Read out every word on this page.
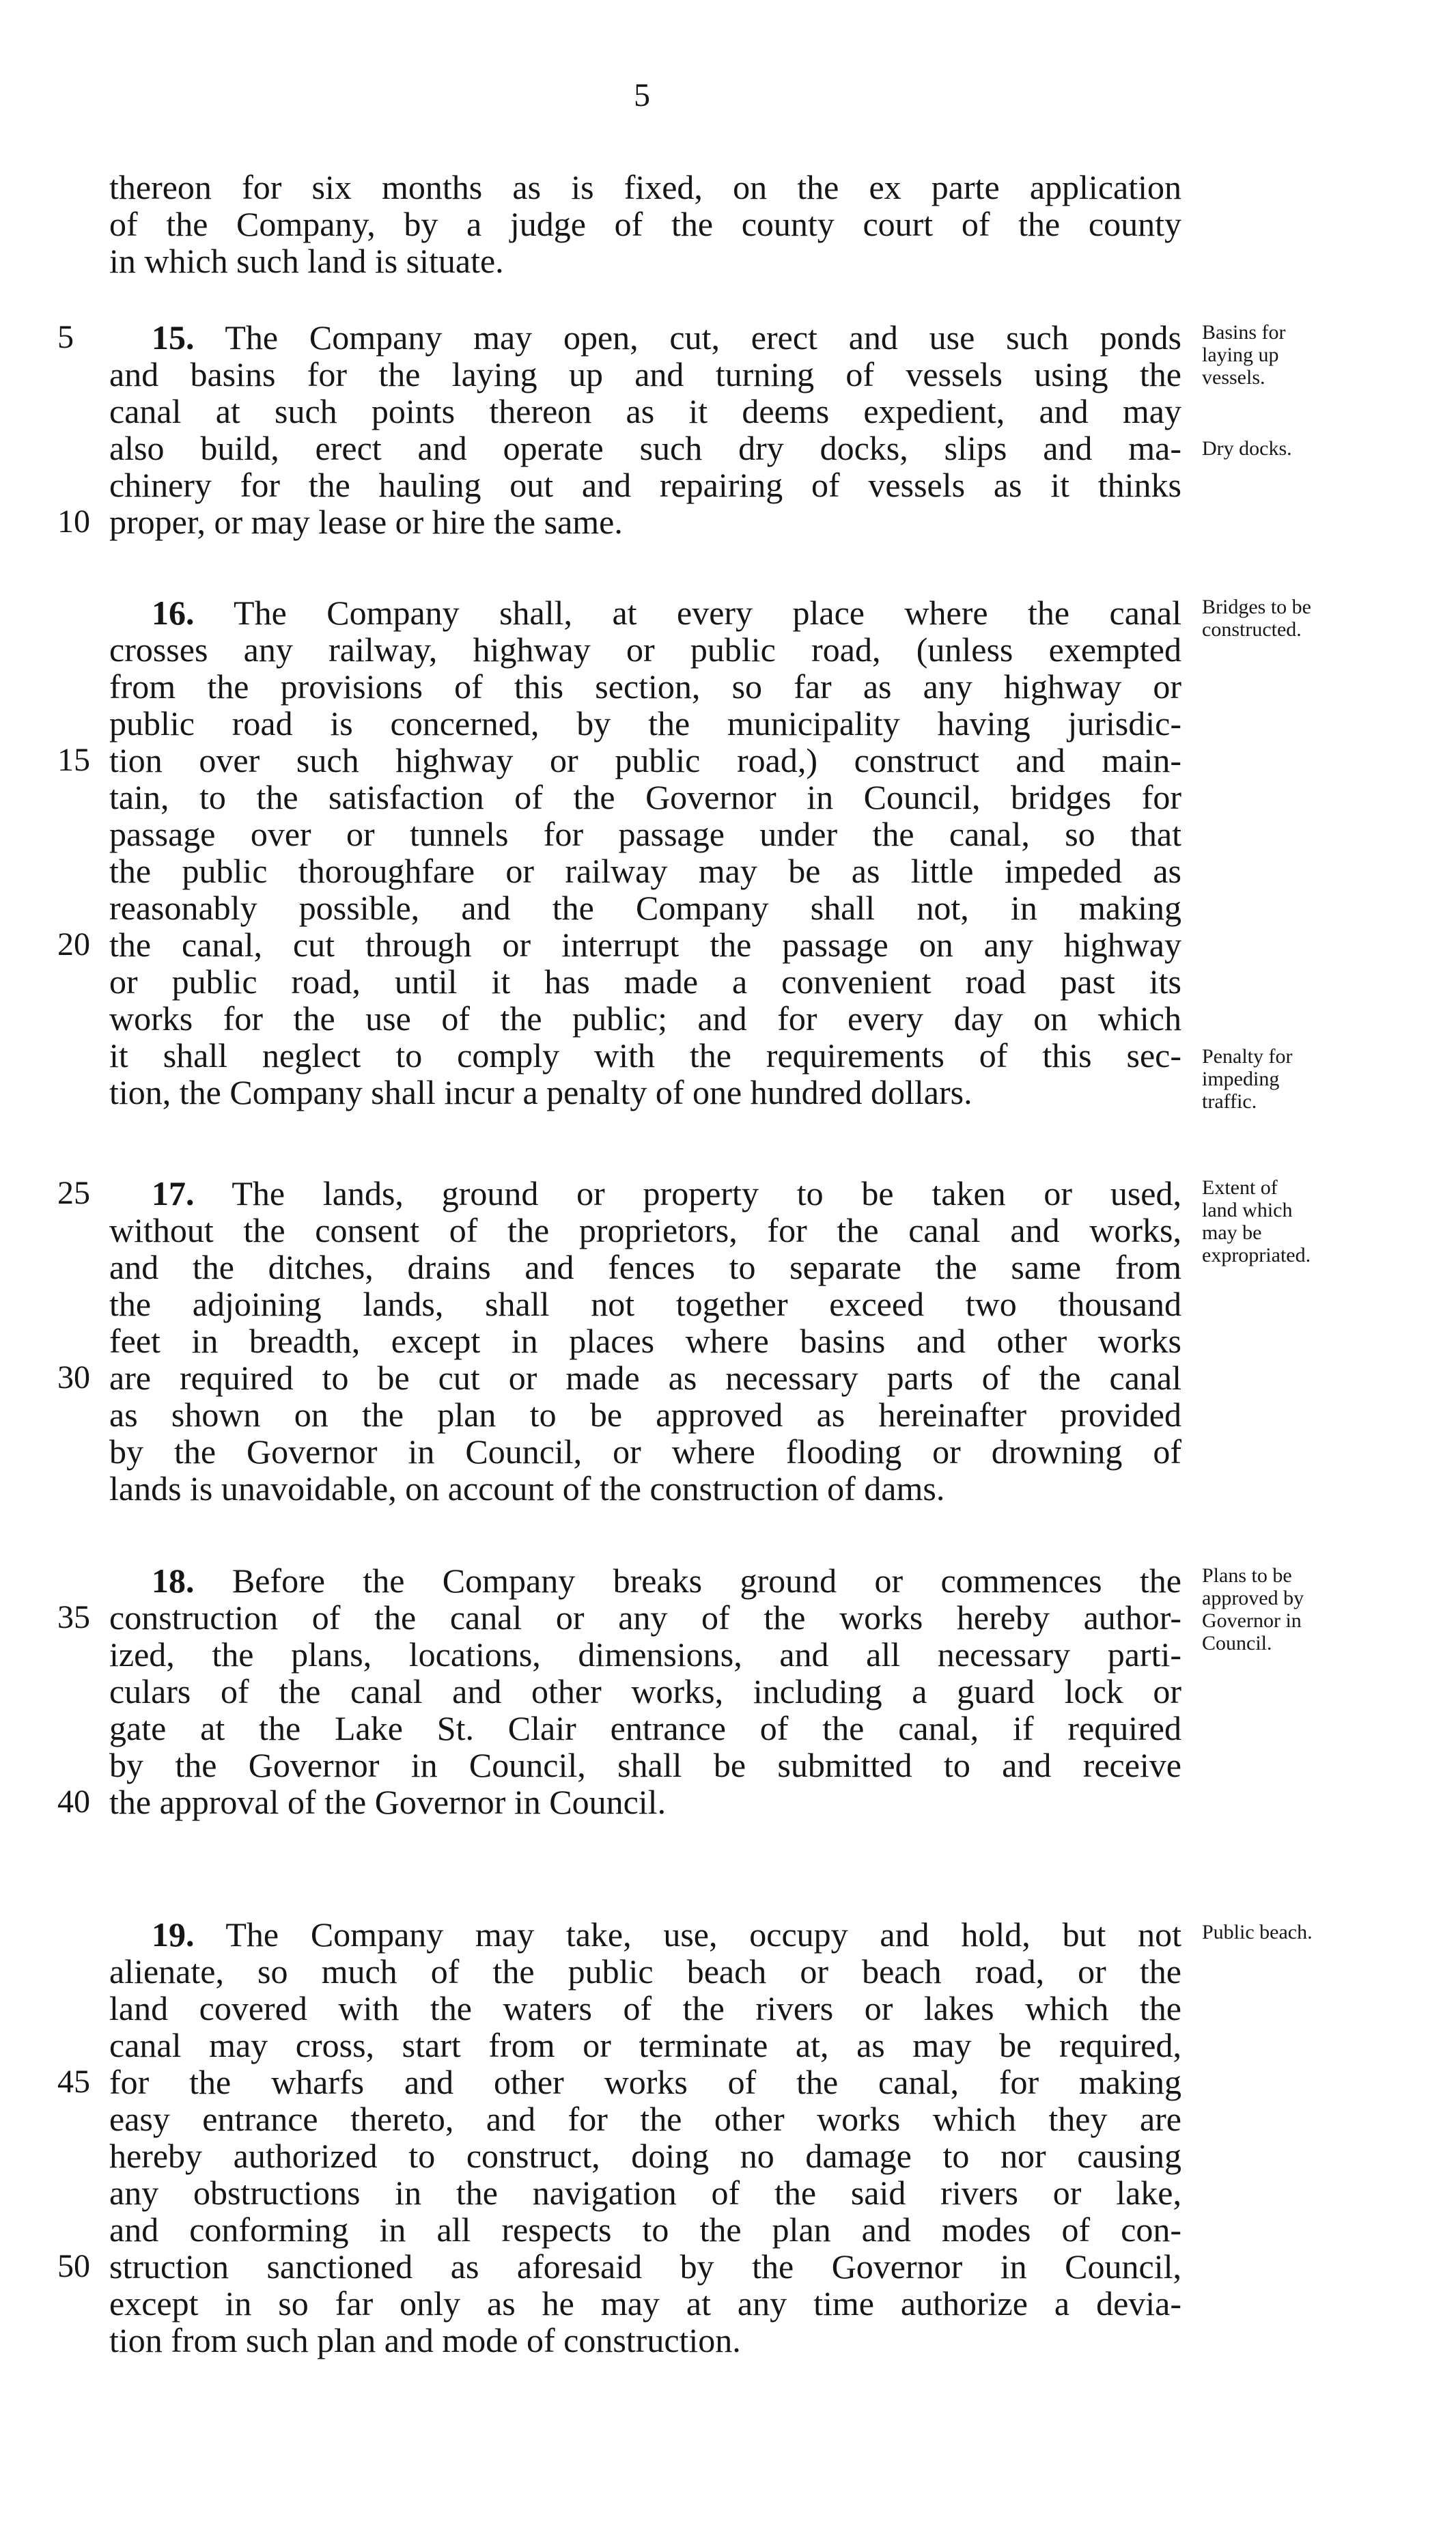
5
thereon for six months as is fixed, on the ex parte application
of the Company, by a judge of the county court of the county
in which such land is situate.
15. The Company may open, cut, erect and use such ponds
and basins for the laying up and turning of vessels using the
canal at such points thereon as it deems expedient, and may
also build, erect and operate such dry docks, slips and ma-
chinery for the hauling out and repairing of vessels as it thinks
proper, or may lease or hire the same.
Basins for
laying up
vessels.
Dry docks.
16. The Company shall, at every place where the canal
crosses any railway, highway or public road, (unless exempted
from the provisions of this section, so far as any highway or
public road is concerned, by the municipality having jurisdic-
tion over such highway or public road,) construct and main-
tain, to the satisfaction of the Governor in Council, bridges for
passage over or tunnels for passage under the canal, so that
the public thoroughfare or railway may be as little impeded as
reasonably possible, and the Company shall not, in making
the canal, cut through or interrupt the passage on any highway
or public road, until it has made a convenient road past its
works for the use of the public; and for every day on which
it shall neglect to comply with the requirements of this sec-
tion, the Company shall incur a penalty of one hundred dollars.
Bridges to be
constructed.
Penalty for
impeding
traffic.
17. The lands, ground or property to be taken or used,
without the consent of the proprietors, for the canal and works,
and the ditches, drains and fences to separate the same from
the adjoining lands, shall not together exceed two thousand
feet in breadth, except in places where basins and other works
are required to be cut or made as necessary parts of the canal
as shown on the plan to be approved as hereinafter provided
by the Governor in Council, or where flooding or drowning of
lands is unavoidable, on account of the construction of dams.
Extent of
land which
may be
expropriated.
18. Before the Company breaks ground or commences the
construction of the canal or any of the works hereby author-
ized, the plans, locations, dimensions, and all necessary parti-
culars of the canal and other works, including a guard lock or
gate at the Lake St. Clair entrance of the canal, if required
by the Governor in Council, shall be submitted to and receive
the approval of the Governor in Council.
Plans to be
approved by
Governor in
Council.
19. The Company may take, use, occupy and hold, but not
alienate, so much of the public beach or beach road, or the
land covered with the waters of the rivers or lakes which the
canal may cross, start from or terminate at, as may be required,
for the wharfs and other works of the canal, for making
easy entrance thereto, and for the other works which they are
hereby authorized to construct, doing no damage to nor causing
any obstructions in the navigation of the said rivers or lake,
and conforming in all respects to the plan and modes of con-
struction sanctioned as aforesaid by the Governor in Council,
except in so far only as he may at any time authorize a devia-
tion from such plan and mode of construction.
Public beach.
5
10
15
20
25
30
35
40
45
50
